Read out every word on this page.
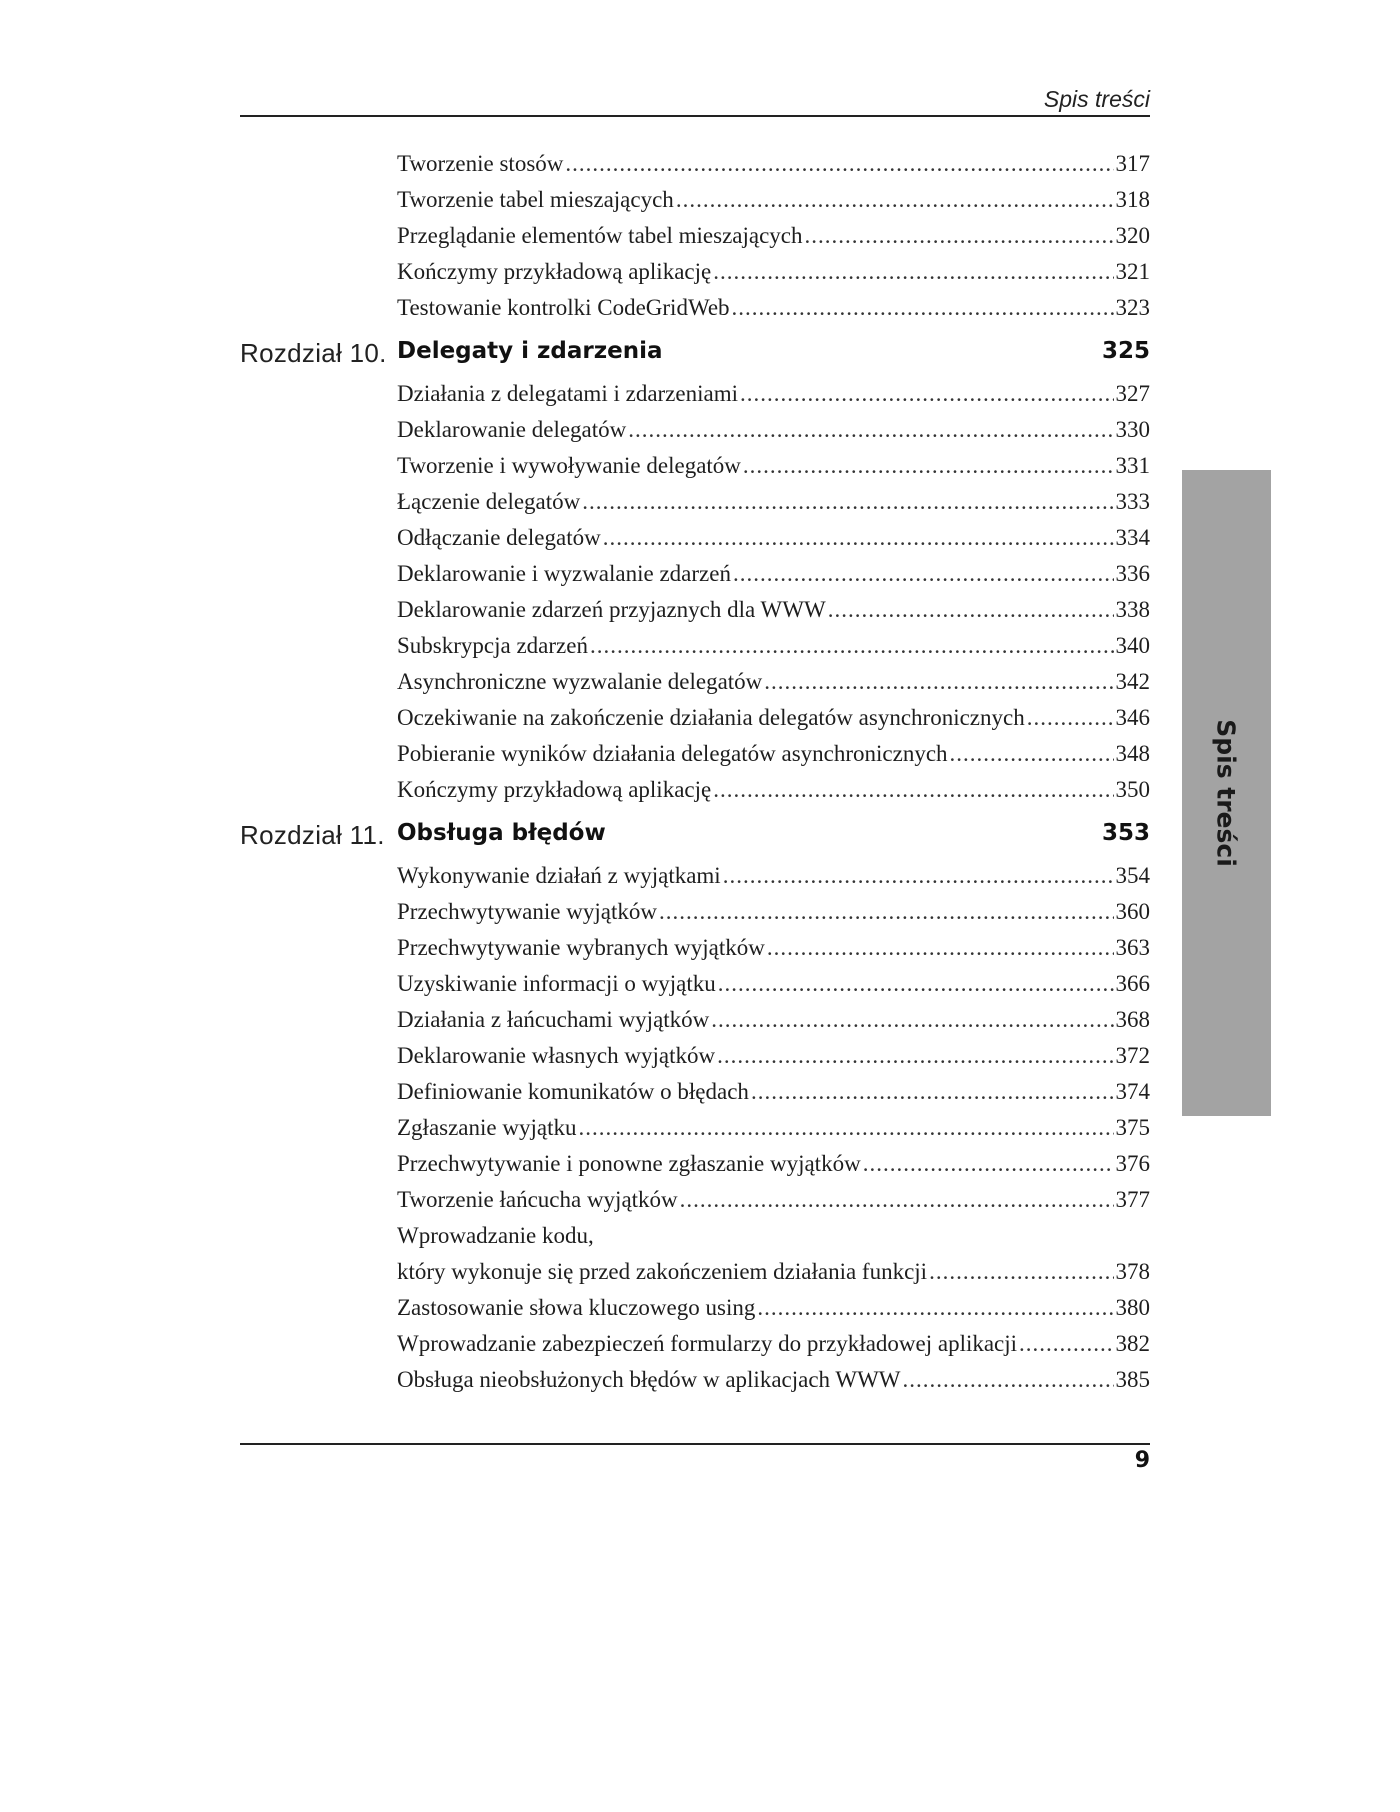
Spis treści
Tworzenie stosów .....	317
Tworzenie tabel mieszających .....	318
Przeglądanie elementów tabel mieszających .....	320
Kończymy przykładową aplikację .....	321
Testowanie kontrolki CodeGridWeb .....	323
Rozdział 10. Delegaty i zdarzenia	325
Działania z delegatami i zdarzeniami .....	327
Deklarowanie delegatów .....	330
Tworzenie i wywoływanie delegatów .....	331
Łączenie delegatów .....	333
Odłączanie delegatów .....	334
Deklarowanie i wyzwalanie zdarzeń .....	336
Deklarowanie zdarzeń przyjaznych dla WWW .....	338
Subskrypcja zdarzeń .....	340
Asynchroniczne wyzwalanie delegatów .....	342
Oczekiwanie na zakończenie działania delegatów asynchronicznych .....	346
Pobieranie wyników działania delegatów asynchronicznych .....	348
Kończymy przykładową aplikację .....	350
Rozdział 11. Obsługa błędów	353
Wykonywanie działań z wyjątkami .....	354
Przechwytywanie wyjątków .....	360
Przechwytywanie wybranych wyjątków .....	363
Uzyskiwanie informacji o wyjątku .....	366
Działania z łańcuchami wyjątków .....	368
Deklarowanie własnych wyjątków .....	372
Definiowanie komunikatów o błędach .....	374
Zgłaszanie wyjątku .....	375
Przechwytywanie i ponowne zgłaszanie wyjątków .....	376
Tworzenie łańcucha wyjątków .....	377
Wprowadzanie kodu,
który wykonuje się przed zakończeniem działania funkcji .....	378
Zastosowanie słowa kluczowego using .....	380
Wprowadzanie zabezpieczeń formularzy do przykładowej aplikacji .....	382
Obsługa nieobsłużonych błędów w aplikacjach WWW .....	385
Spis treści
9
